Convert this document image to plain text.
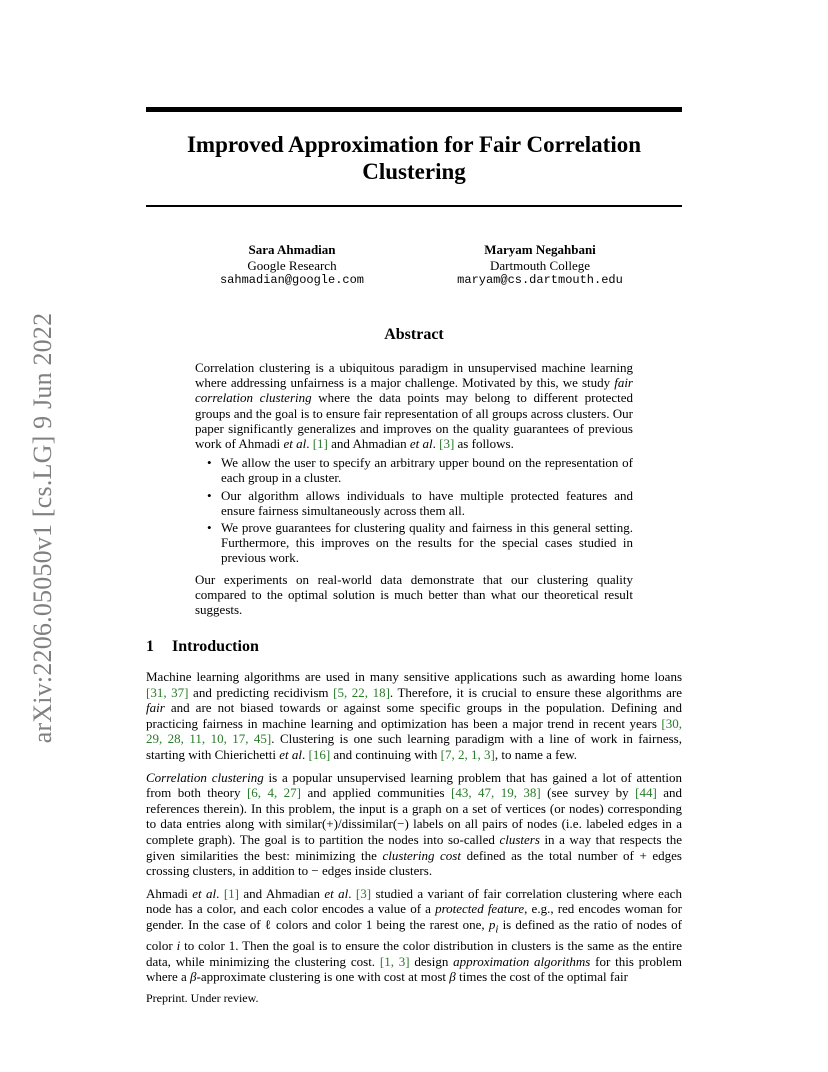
arXiv:2206.05050v1 [cs.LG] 9 Jun 2022
Improved Approximation for Fair Correlation
Clustering
Sara Ahmadian
Google Research
sahmadian@google.com
Maryam Negahbani
Dartmouth College
maryam@cs.dartmouth.edu
Abstract

Correlation clustering is a ubiquitous paradigm in unsupervised machine learning where addressing unfairness is a major challenge. Motivated by this, we study fair correlation clustering where the data points may belong to different protected groups and the goal is to ensure fair representation of all groups across clusters. Our paper significantly generalizes and improves on the quality guarantees of previous work of Ahmadi et al. [1] and Ahmadian et al. [3] as follows.

• We allow the user to specify an arbitrary upper bound on the representation of each group in a cluster.
• Our algorithm allows individuals to have multiple protected features and ensure fairness simultaneously across them all.
• We prove guarantees for clustering quality and fairness in this general setting. Furthermore, this improves on the results for the special cases studied in previous work.

Our experiments on real-world data demonstrate that our clustering quality compared to the optimal solution is much better than what our theoretical result suggests.

1 Introduction

Machine learning algorithms are used in many sensitive applications such as awarding home loans [31, 37] and predicting recidivism [5, 22, 18]. Therefore, it is crucial to ensure these algorithms are fair and are not biased towards or against some specific groups in the population. Defining and practicing fairness in machine learning and optimization has been a major trend in recent years [30, 29, 28, 11, 10, 17, 45]. Clustering is one such learning paradigm with a line of work in fairness, starting with Chierichetti et al. [16] and continuing with [7, 2, 1, 3], to name a few.

Correlation clustering is a popular unsupervised learning problem that has gained a lot of attention from both theory [6, 4, 27] and applied communities [43, 47, 19, 38] (see survey by [44] and references therein). In this problem, the input is a graph on a set of vertices (or nodes) corresponding to data entries along with similar(+)/dissimilar(−) labels on all pairs of nodes (i.e. labeled edges in a complete graph). The goal is to partition the nodes into so-called clusters in a way that respects the given similarities the best: minimizing the clustering cost defined as the total number of + edges crossing clusters, in addition to − edges inside clusters.

Ahmadi et al. [1] and Ahmadian et al. [3] studied a variant of fair correlation clustering where each node has a color, and each color encodes a value of a protected feature, e.g., red encodes woman for gender. In the case of ℓ colors and color 1 being the rarest one, $p_i$ is defined as the ratio of nodes of color i to color 1. Then the goal is to ensure the color distribution in clusters is the same as the entire data, while minimizing the clustering cost. [1, 3] design approximation algorithms for this problem where a β-approximate clustering is one with cost at most β times the cost of the optimal fair

Preprint. Under review.
